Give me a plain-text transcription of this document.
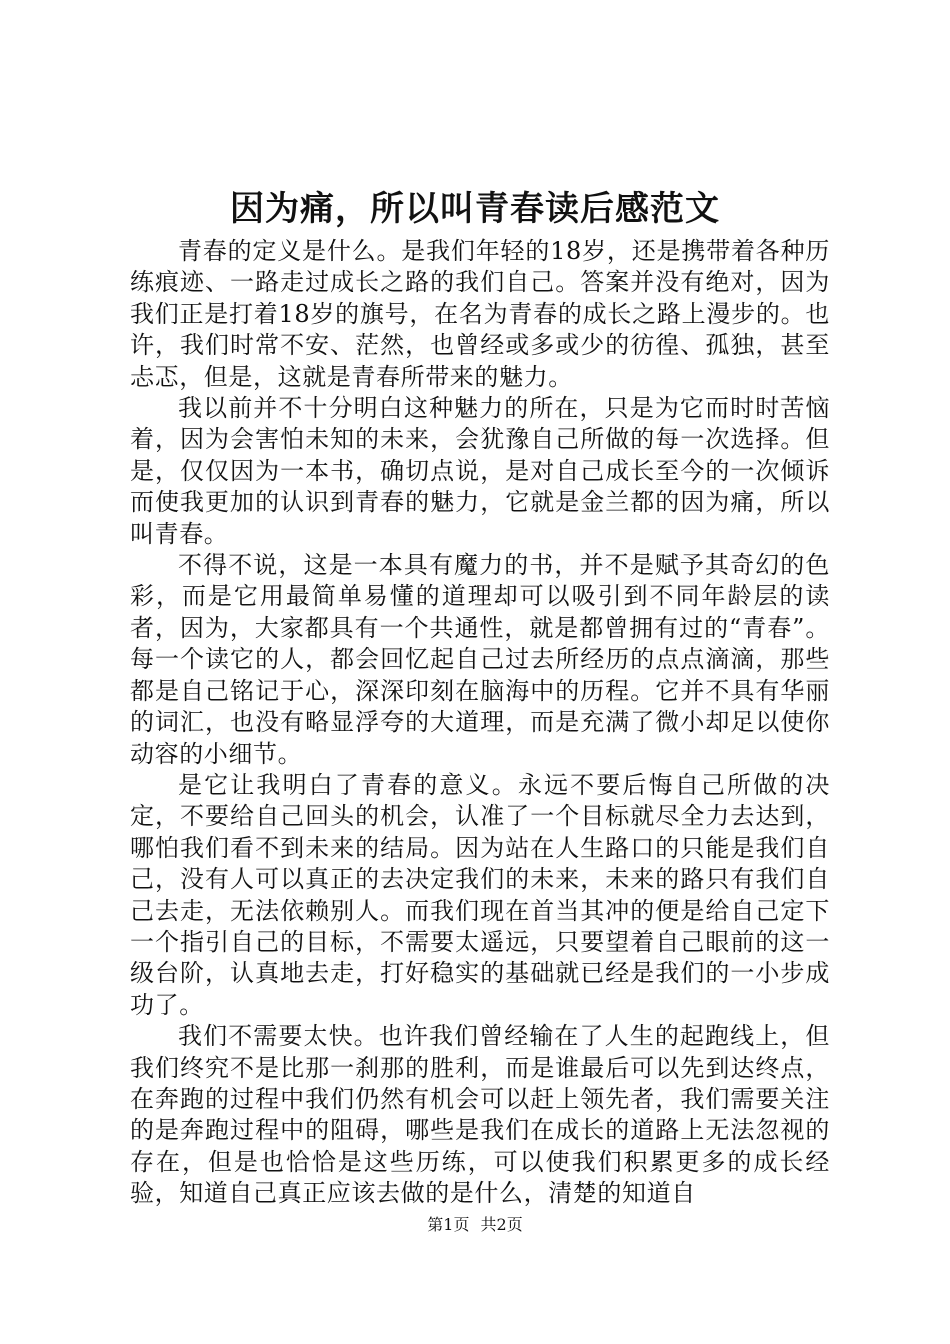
因为痛，所以叫青春读后感范文

青春的定义是什么。是我们年轻的18岁，还是携带着各种历练痕迹、一路走过成长之路的我们自己。答案并没有绝对，因为我们正是打着18岁的旗号，在名为青春的成长之路上漫步的。也许，我们时常不安、茫然，也曾经或多或少的彷徨、孤独，甚至忐忑，但是，这就是青春所带来的魅力。

我以前并不十分明白这种魅力的所在，只是为它而时时苦恼着，因为会害怕未知的未来，会犹豫自己所做的每一次选择。但是，仅仅因为一本书，确切点说，是对自己成长至今的一次倾诉而使我更加的认识到青春的魅力，它就是金兰都的因为痛，所以叫青春。

不得不说，这是一本具有魔力的书，并不是赋予其奇幻的色彩，而是它用最简单易懂的道理却可以吸引到不同年龄层的读者，因为，大家都具有一个共通性，就是都曾拥有过的“青春”。每一个读它的人，都会回忆起自己过去所经历的点点滴滴，那些都是自己铭记于心，深深印刻在脑海中的历程。它并不具有华丽的词汇，也没有略显浮夸的大道理，而是充满了微小却足以使你动容的小细节。

是它让我明白了青春的意义。永远不要后悔自己所做的决定，不要给自己回头的机会，认准了一个目标就尽全力去达到，哪怕我们看不到未来的结局。因为站在人生路口的只能是我们自己，没有人可以真正的去决定我们的未来，未来的路只有我们自己去走，无法依赖别人。而我们现在首当其冲的便是给自己定下一个指引自己的目标，不需要太遥远，只要望着自己眼前的这一级台阶，认真地去走，打好稳实的基础就已经是我们的一小步成功了。

我们不需要太快。也许我们曾经输在了人生的起跑线上，但我们终究不是比那一刹那的胜利，而是谁最后可以先到达终点，在奔跑的过程中我们仍然有机会可以赶上领先者，我们需要关注的是奔跑过程中的阻碍，哪些是我们在成长的道路上无法忽视的存在，但是也恰恰是这些历练，可以使我们积累更多的成长经验，知道自己真正应该去做的是什么，清楚的知道自

第1页 共2页
